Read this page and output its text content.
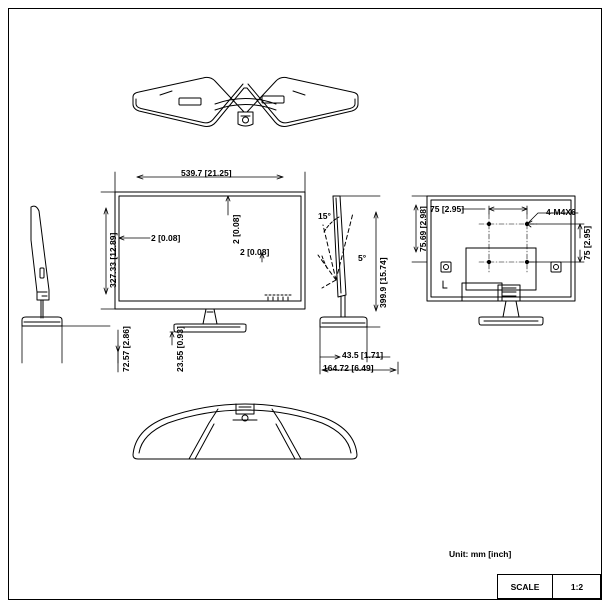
539.7 [21.25]
327.33 [12.89]	2 [0.08]	2 [0.08]
2 [0.08]
23.55 [0.93]
72.57 [2.86]
15°
5° 399.9 [15.74]
75.69 [2.98] 75 [2.95]
75 [2.95]
4-M4X6
43.5 [1.71]
164.72 [6.49]
Unit: mm [inch]
SCALE	1:2
